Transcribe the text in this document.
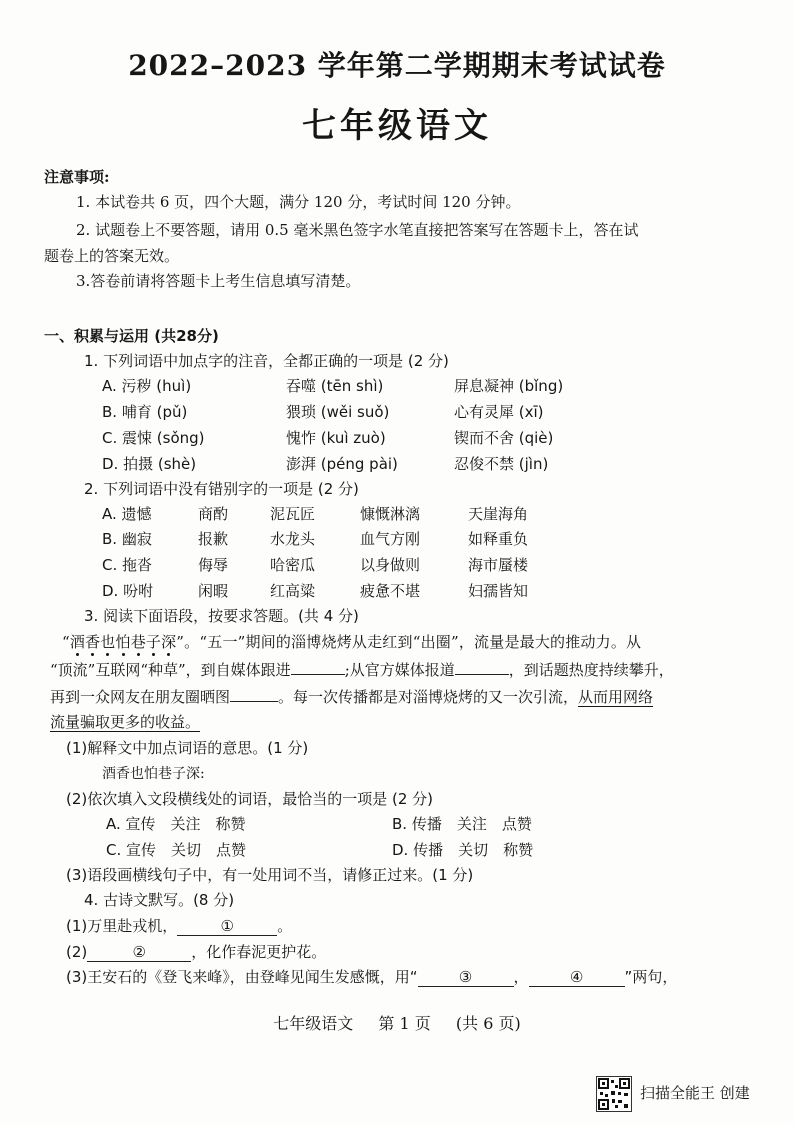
2022–2023 学年第二学期期末考试试卷
七年级语文
注意事项:
1. 本试卷共 6 页，四个大题，满分 120 分，考试时间 120 分钟。
2. 试题卷上不要答题，请用 0.5 毫米黑色签字水笔直接把答案写在答题卡上，答在试
题卷上的答案无效。
3.答卷前请将答题卡上考生信息填写清楚。
一、积累与运用 (共28分)
1. 下列词语中加点字的注音，全都正确的一项是 (2 分)
A. 污秽 (huì)	吞噬 (tēn shì)	屏息凝神 (bǐng)
B. 哺育 (pǔ)	猥琐 (wěi suǒ)	心有灵犀 (xī)
C. 震悚 (sǒng)	愧怍 (kuì zuò)	锲而不舍 (qiè)
D. 拍摄 (shè)	澎湃 (péng pài)	忍俊不禁 (jìn)
2. 下列词语中没有错别字的一项是 (2 分)
A. 遗憾	商酌	泥瓦匠	慷慨淋漓	天崖海角
B. 幽寂	报歉	水龙头	血气方刚	如释重负
C. 拖沓	侮辱	哈密瓜	以身做则	海市蜃楼
D. 吩咐	闲暇	红高粱	疲惫不堪	妇孺皆知
3. 阅读下面语段，按要求答题。(共 4 分)
“酒香也怕巷子深”。“五一”期间的淄博烧烤从走红到“出圈”，流量是最大的推动力。从
“顶流”互联网“种草”，到自媒体跟进	;从官方媒体报道	，到话题热度持续攀升，
再到一众网友在朋友圈晒图	。每一次传播都是对淄博烧烤的又一次引流，从而用网络
流量骗取更多的收益。
(1)解释文中加点词语的意思。(1 分)
酒香也怕巷子深:
(2)依次填入文段横线处的词语，最恰当的一项是 (2 分)
A. 宣传　关注　称赞	B. 传播　关注　点赞
C. 宣传　关切　点赞	D. 传播　关切　称赞
(3)语段画横线句子中，有一处用词不当，请修正过来。(1 分)
4. 古诗文默写。(8 分)
(1)万里赴戎机，	①	。
(2)	②	，化作春泥更护花。
(3)王安石的《登飞来峰》，由登峰见闻生发感慨，用“	③	，	④	”两句，
七年级语文 第 1 页 (共 6 页)
扫描全能王 创建
